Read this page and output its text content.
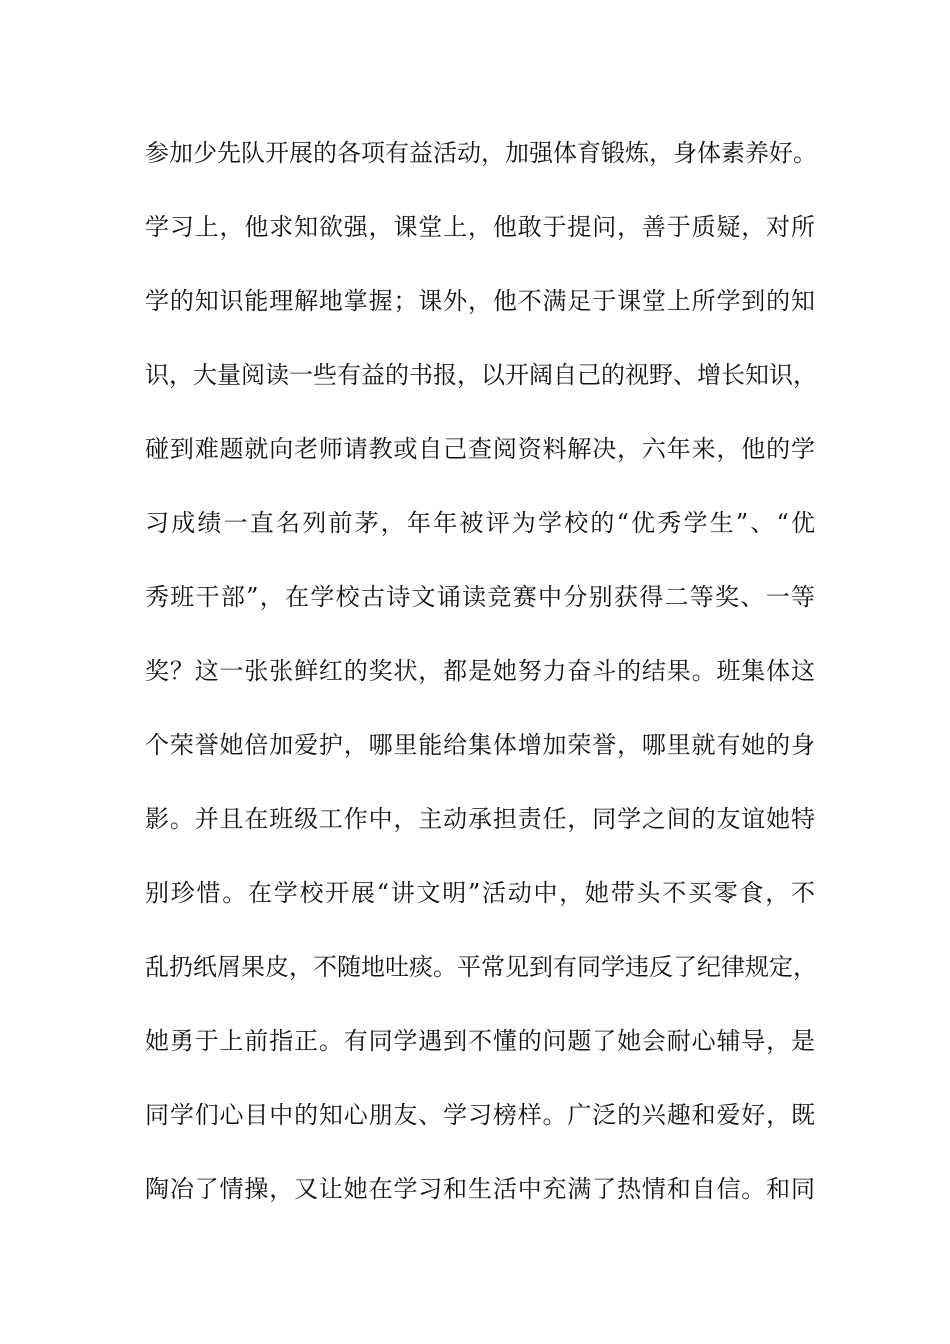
参加少先队开展的各项有益活动，加强体育锻炼，身体素养好。
学习上，他求知欲强，课堂上，他敢于提问，善于质疑，对所
学的知识能理解地掌握；课外，他不满足于课堂上所学到的知
识，大量阅读一些有益的书报，以开阔自己的视野、增长知识，
碰到难题就向老师请教或自己查阅资料解决，六年来，他的学
习成绩一直名列前茅，年年被评为学校的“优秀学生”、“优
秀班干部”，在学校古诗文诵读竞赛中分别获得二等奖、一等
奖？这一张张鲜红的奖状，都是她努力奋斗的结果。班集体这
个荣誉她倍加爱护，哪里能给集体增加荣誉，哪里就有她的身
影。并且在班级工作中，主动承担责任，同学之间的友谊她特
别珍惜。在学校开展“讲文明”活动中，她带头不买零食，不
乱扔纸屑果皮，不随地吐痰。平常见到有同学违反了纪律规定，
她勇于上前指正。有同学遇到不懂的问题了她会耐心辅导，是
同学们心目中的知心朋友、学习榜样。广泛的兴趣和爱好，既
陶冶了情操，又让她在学习和生活中充满了热情和自信。和同
